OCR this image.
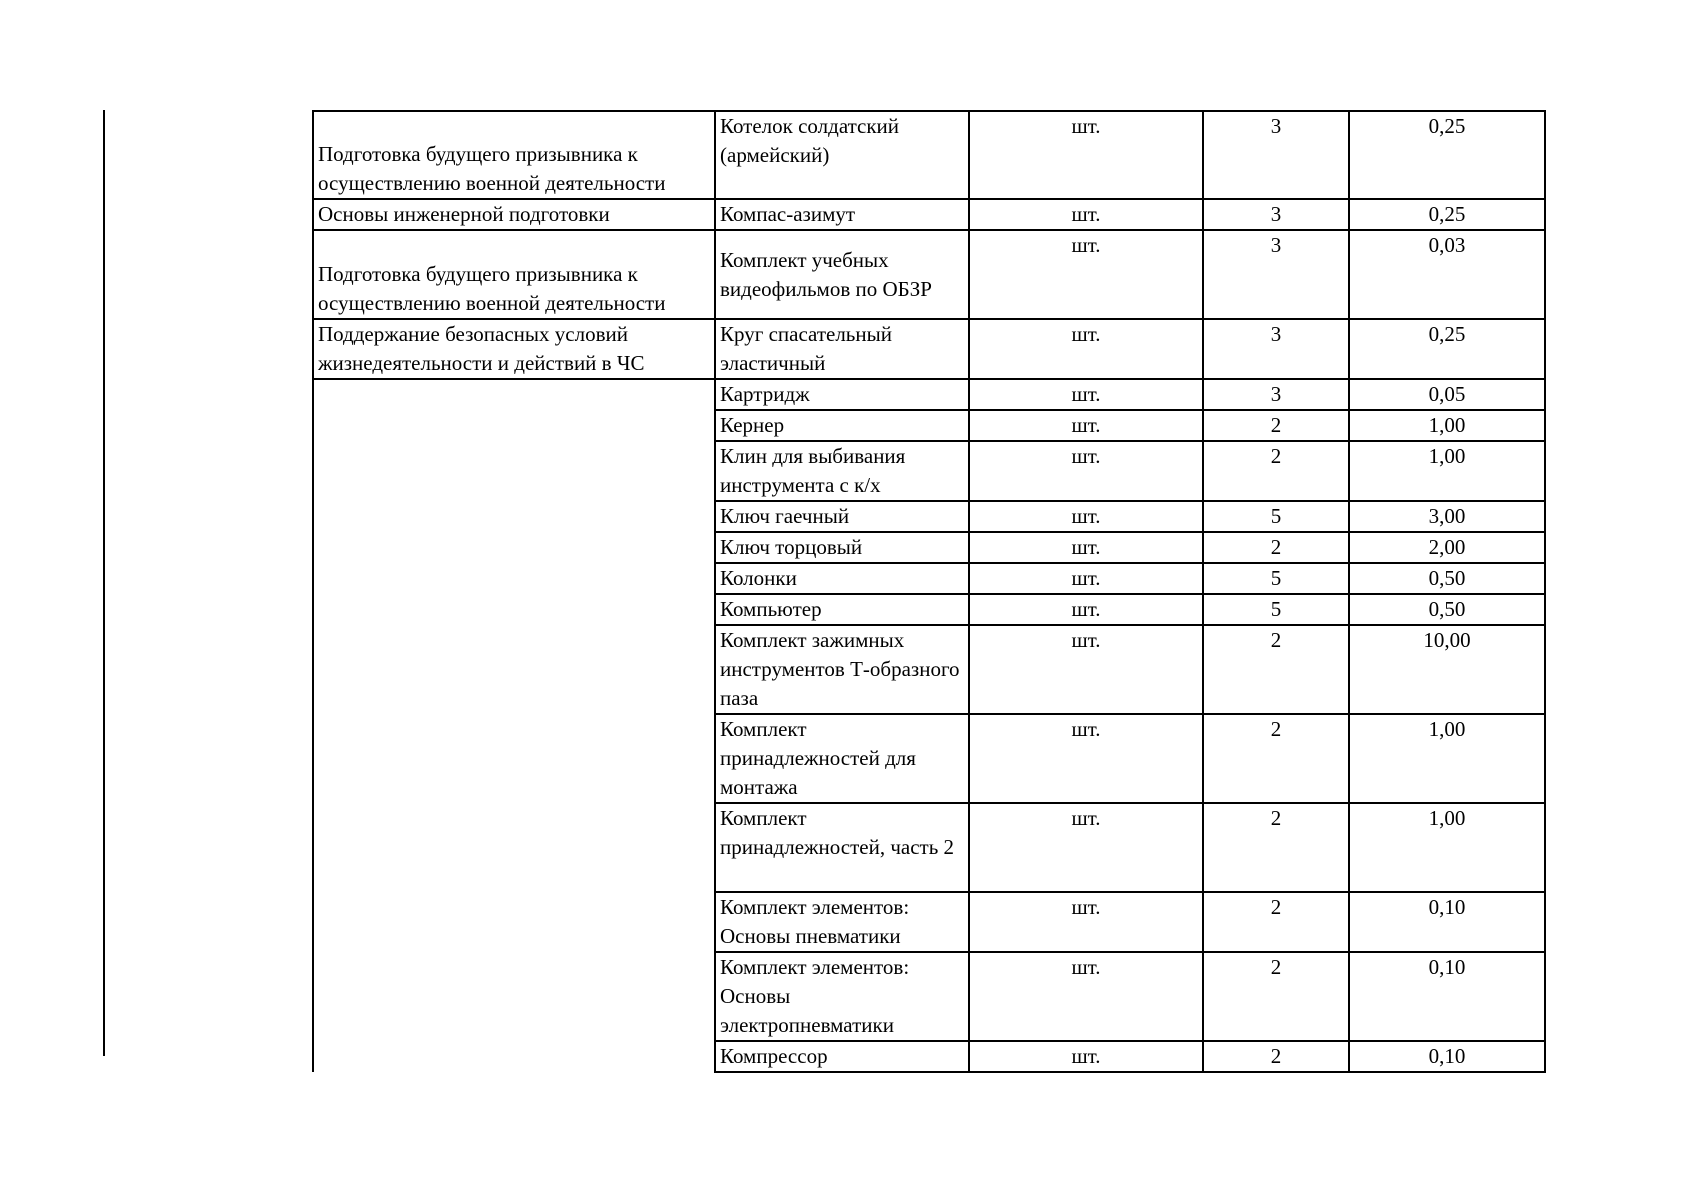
Подготовка будущего призывника к осуществлению военной деятельности	Котелок солдатский (армейский)	шт.	3	0,25
Основы инженерной подготовки	Компас-азимут	шт.	3	0,25
Подготовка будущего призывника к осуществлению военной деятельности	Комплект учебных видеофильмов по ОБЗР	шт.	3	0,03
Поддержание безопасных условий жизнедеятельности и действий в ЧС	Круг спасательный эластичный	шт.	3	0,25
	Картридж	шт.	3	0,05
	Кернер	шт.	2	1,00
	Клин для выбивания инструмента с к/х	шт.	2	1,00
	Ключ гаечный	шт.	5	3,00
	Ключ торцовый	шт.	2	2,00
	Колонки	шт.	5	0,50
	Компьютер	шт.	5	0,50
	Комплект зажимных инструментов Т-образного паза	шт.	2	10,00
	Комплект принадлежностей для монтажа	шт.	2	1,00
	Комплект принадлежностей, часть 2	шт.	2	1,00
	Комплект элементов: Основы пневматики	шт.	2	0,10
	Комплект элементов: Основы электропневматики	шт.	2	0,10
	Компрессор	шт.	2	0,10
